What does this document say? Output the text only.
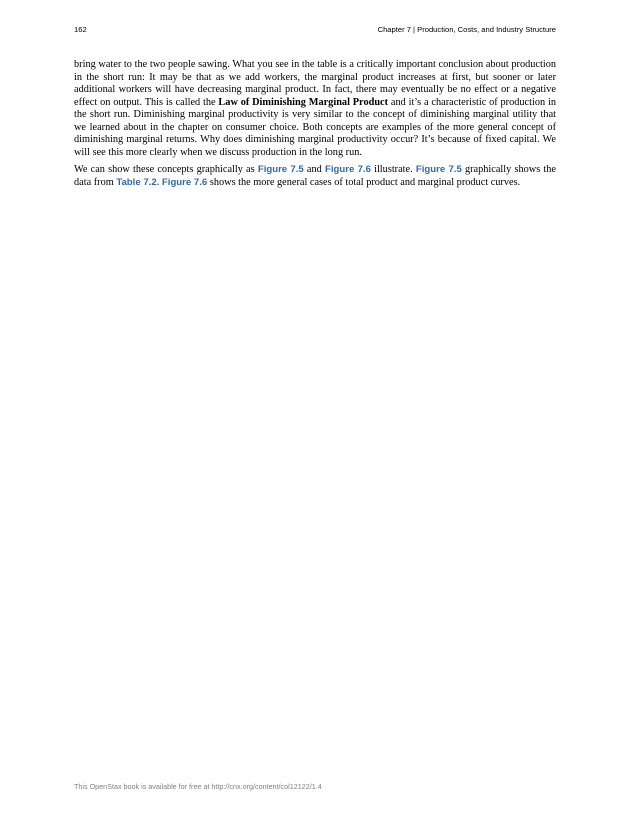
162	Chapter 7 | Production, Costs, and Industry Structure

bring water to the two people sawing. What you see in the table is a critically important conclusion about production in the short run: It may be that as we add workers, the marginal product increases at first, but sooner or later additional workers will have decreasing marginal product. In fact, there may eventually be no effect or a negative effect on output. This is called the Law of Diminishing Marginal Product and it’s a characteristic of production in the short run. Diminishing marginal productivity is very similar to the concept of diminishing marginal utility that we learned about in the chapter on consumer choice. Both concepts are examples of the more general concept of diminishing marginal returns. Why does diminishing marginal productivity occur? It’s because of fixed capital. We will see this more clearly when we discuss production in the long run.

We can show these concepts graphically as Figure 7.5 and Figure 7.6 illustrate. Figure 7.5 graphically shows the data from Table 7.2. Figure 7.6 shows the more general cases of total product and marginal product curves.

This OpenStax book is available for free at http://cnx.org/content/col12122/1.4
